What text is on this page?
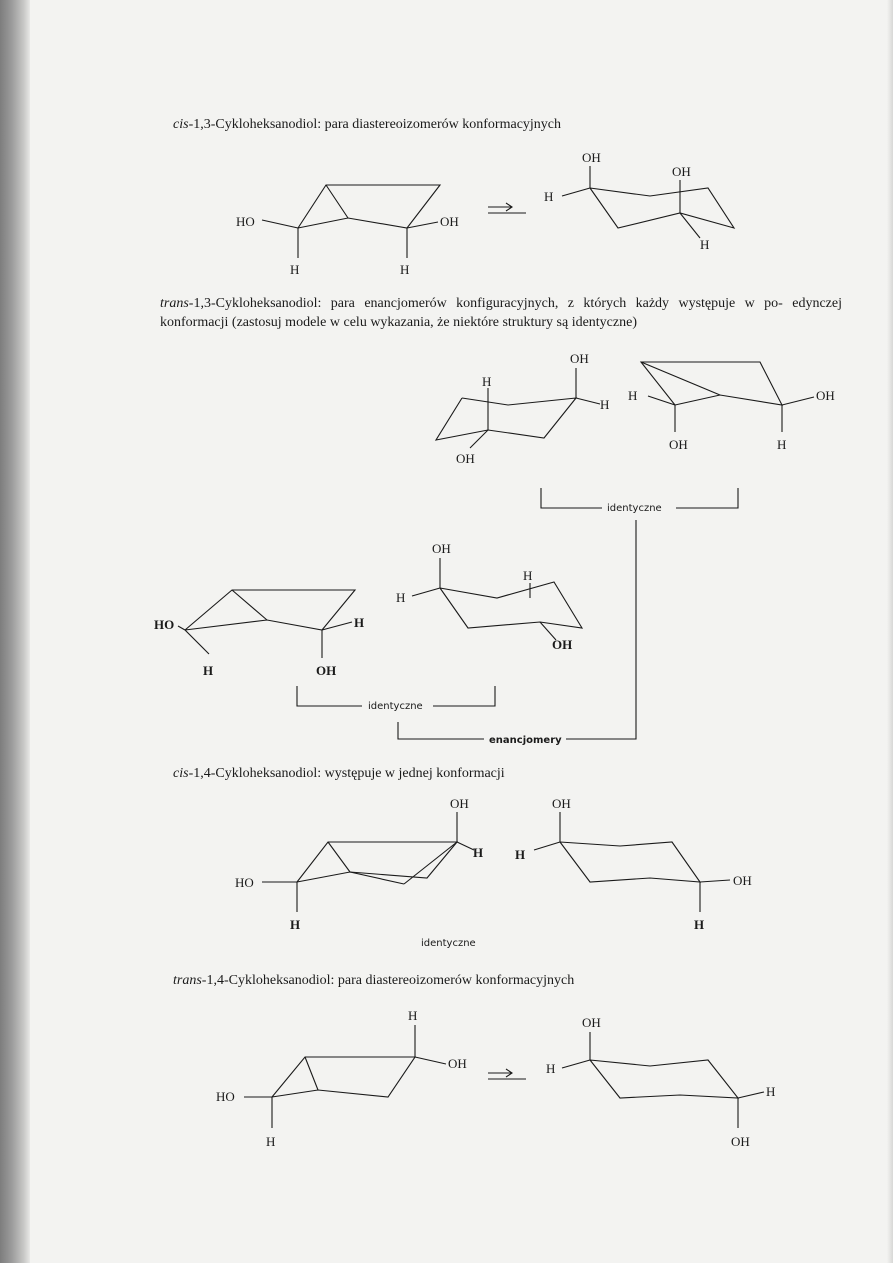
cis-1,3-Cykloheksanodiol: para diastereoizomerów konformacyjnych
trans-1,3-Cykloheksanodiol: para enancjomerów konfiguracyjnych, z których każdy występuje w po- edynczej konformacji (zastosuj modele w celu wykazania, że niektóre struktury są identyczne)
cis-1,4-Cykloheksanodiol: występuje w jednej konformacji
trans-1,4-Cykloheksanodiol: para diastereoizomerów konformacyjnych
HO	OH
H	H
OH
OH
H
H
OH
H
H
OH
H	OH
OH	H
identyczne
HO	H
H	OH
OH
H
H
OH
identyczne
enancjomery
HO
OH
H
H
OH
H
OH
H
identyczne
H
OH
HO
H
OH
H
H
OH
